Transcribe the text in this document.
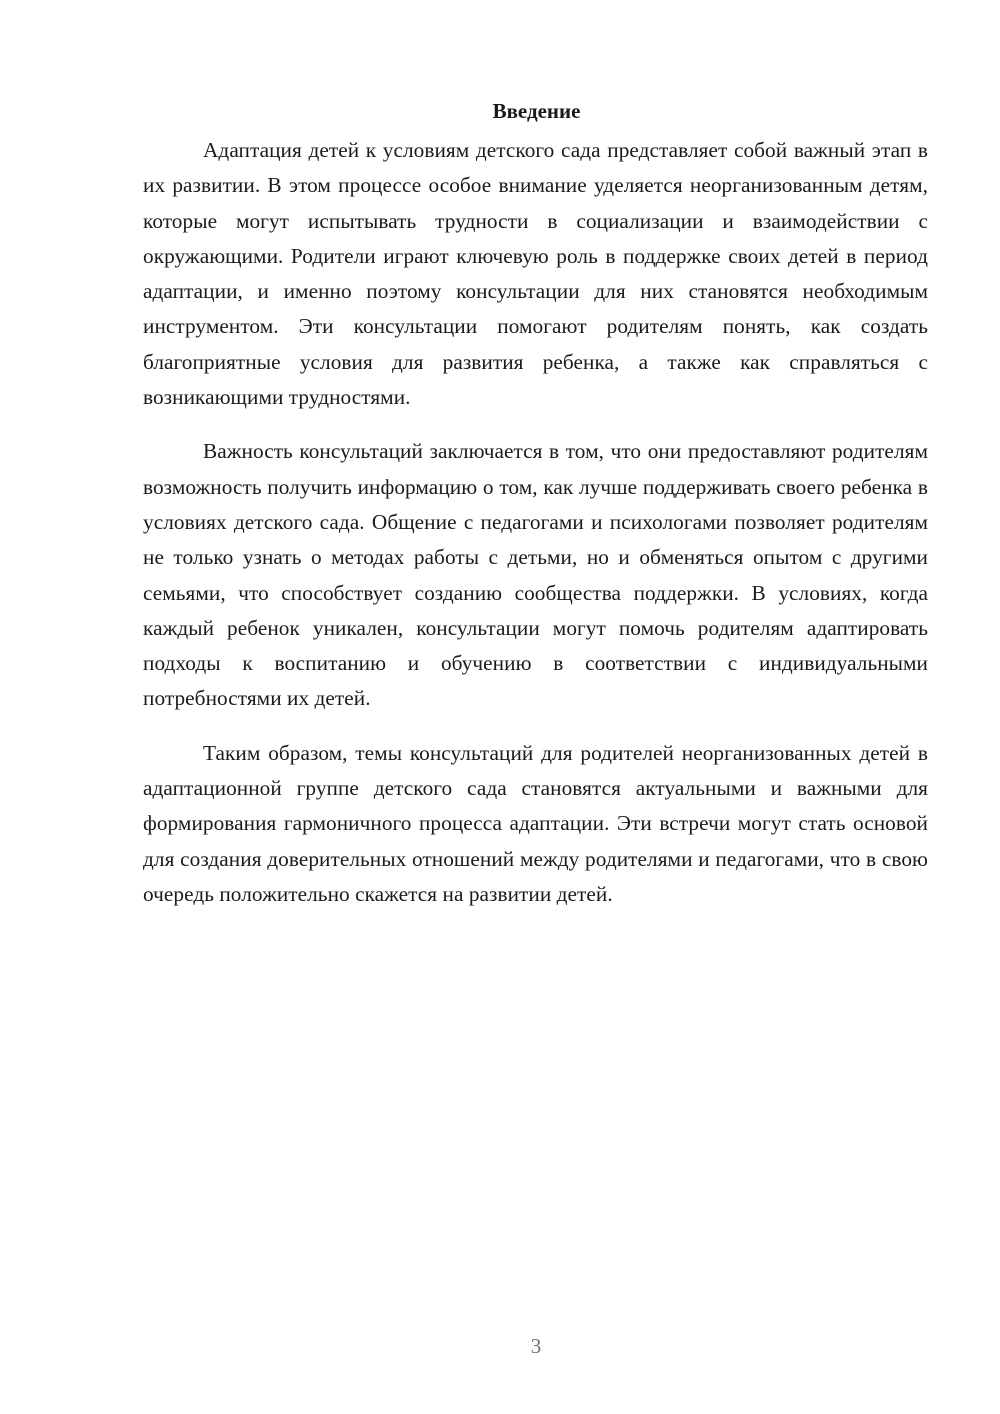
Введение

Адаптация детей к условиям детского сада представляет собой важный этап в их развитии. В этом процессе особое внимание уделяется неорганизованным детям, которые могут испытывать трудности в социализации и взаимодействии с окружающими. Родители играют ключевую роль в поддержке своих детей в период адаптации, и именно поэтому консультации для них становятся необходимым инструментом. Эти консультации помогают родителям понять, как создать благоприятные условия для развития ребенка, а также как справляться с возникающими трудностями.

Важность консультаций заключается в том, что они предоставляют родителям возможность получить информацию о том, как лучше поддерживать своего ребенка в условиях детского сада. Общение с педагогами и психологами позволяет родителям не только узнать о методах работы с детьми, но и обменяться опытом с другими семьями, что способствует созданию сообщества поддержки. В условиях, когда каждый ребенок уникален, консультации могут помочь родителям адаптировать подходы к воспитанию и обучению в соответствии с индивидуальными потребностями их детей.

Таким образом, темы консультаций для родителей неорганизованных детей в адаптационной группе детского сада становятся актуальными и важными для формирования гармоничного процесса адаптации. Эти встречи могут стать основой для создания доверительных отношений между родителями и педагогами, что в свою очередь положительно скажется на развитии детей.

3
